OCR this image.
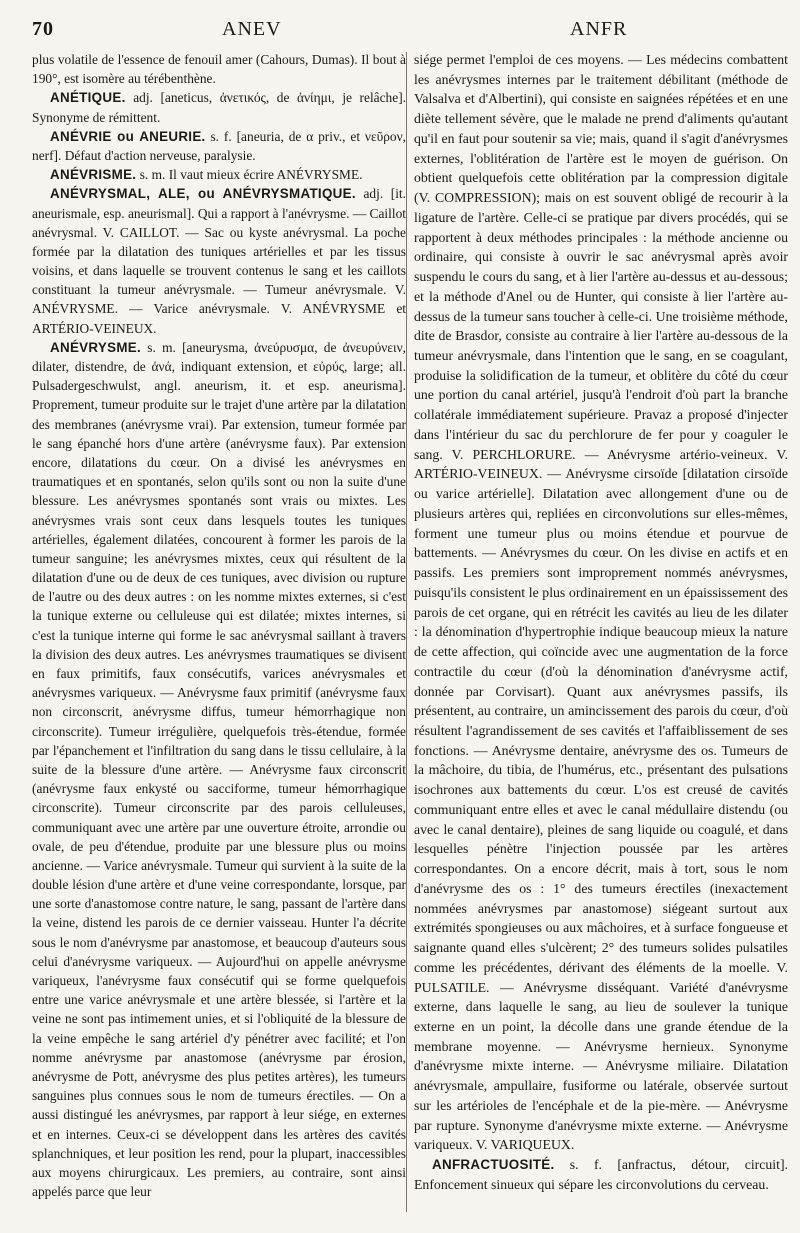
70	ANEV	ANFR

plus volatile de l'essence de fenouil amer (Cahours, Dumas). Il bout à 190°, est isomère au térébenthène.

ANÉTIQUE. adj. [aneticus, ἀνετικός, de ἀνίημι, je relâche]. Synonyme de rémittent.

ANÉVRIE ou ANEURIE. s. f. [aneuria, de α priv., et νεῦρον, nerf]. Défaut d'action nerveuse, paralysie.

ANÉVRISME. s. m. Il vaut mieux écrire ANÉVRYSME.

ANÉVRYSMAL, ALE, ou ANÉVRYSMATIQUE. adj. [it. aneurismale, esp. aneurismal]. Qui a rapport à l'anévrysme. — Caillot anévrysmal. V. CAILLOT. — Sac ou kyste anévrysmal. La poche formée par la dilatation des tuniques artérielles et par les tissus voisins, et dans laquelle se trouvent contenus le sang et les caillots constituant la tumeur anévrysmale. — Tumeur anévrysmale. V. ANÉVRYSME. — Varice anévrysmale. V. ANÉVRYSME et ARTÉRIO-VEINEUX.

ANÉVRYSME. s. m. [aneurysma, ἀνεύρυσμα, de ἀνευρύνειν, dilater, distendre, de ἀνά, indiquant extension, et εὐρύς, large; all. Pulsadergeschwulst, angl. aneurism, it. et esp. aneurisma]. Proprement, tumeur produite sur le trajet d'une artère par la dilatation des membranes (anévrysme vrai). Par extension, tumeur formée par le sang épanché hors d'une artère (anévrysme faux). Par extension encore, dilatations du cœur. On a divisé les anévrysmes en traumatiques et en spontanés, selon qu'ils sont ou non la suite d'une blessure. Les anévrysmes spontanés sont vrais ou mixtes. Les anévrysmes vrais sont ceux dans lesquels toutes les tuniques artérielles, également dilatées, concourent à former les parois de la tumeur sanguine; les anévrysmes mixtes, ceux qui résultent de la dilatation d'une ou de deux de ces tuniques, avec division ou rupture de l'autre ou des deux autres : on les nomme mixtes externes, si c'est la tunique externe ou celluleuse qui est dilatée; mixtes internes, si c'est la tunique interne qui forme le sac anévrysmal saillant à travers la division des deux autres. Les anévrysmes traumatiques se divisent en faux primitifs, faux consécutifs, varices anévrysmales et anévrysmes variqueux. — Anévrysme faux primitif (anévrysme faux non circonscrit, anévrysme diffus, tumeur hémorrhagique non circonscrite). Tumeur irrégulière, quelquefois très-étendue, formée par l'épanchement et l'infiltration du sang dans le tissu cellulaire, à la suite de la blessure d'une artère. — Anévrysme faux circonscrit (anévrysme faux enkysté ou sacciforme, tumeur hémorrhagique circonscrite). Tumeur circonscrite par des parois celluleuses, communiquant avec une artère par une ouverture étroite, arrondie ou ovale, de peu d'étendue, produite par une blessure plus ou moins ancienne. — Varice anévrysmale. Tumeur qui survient à la suite de la double lésion d'une artère et d'une veine correspondante, lorsque, par une sorte d'anastomose contre nature, le sang, passant de l'artère dans la veine, distend les parois de ce dernier vaisseau. Hunter l'a décrite sous le nom d'anévrysme par anastomose, et beaucoup d'auteurs sous celui d'anévrysme variqueux. — Aujourd'hui on appelle anévrysme variqueux, l'anévrysme faux consécutif qui se forme quelquefois entre une varice anévrysmale et une artère blessée, si l'artère et la veine ne sont pas intimement unies, et si l'obliquité de la blessure de la veine empêche le sang artériel d'y pénétrer avec facilité; et l'on nomme anévrysme par anastomose (anévrysme par érosion, anévrysme de Pott, anévrysme des plus petites artères), les tumeurs sanguines plus connues sous le nom de tumeurs érectiles. — On a aussi distingué les anévrysmes, par rapport à leur siége, en externes et en internes. Ceux-ci se développent dans les artères des cavités splanchniques, et leur position les rend, pour la plupart, inaccessibles aux moyens chirurgicaux. Les premiers, au contraire, sont ainsi appelés parce que leur

siége permet l'emploi de ces moyens. — Les médecins combattent les anévrysmes internes par le traitement débilitant (méthode de Valsalva et d'Albertini), qui consiste en saignées répétées et en une diète tellement sévère, que le malade ne prend d'aliments qu'autant qu'il en faut pour soutenir sa vie; mais, quand il s'agit d'anévrysmes externes, l'oblitération de l'artère est le moyen de guérison. On obtient quelquefois cette oblitération par la compression digitale (V. COMPRESSION); mais on est souvent obligé de recourir à la ligature de l'artère. Celle-ci se pratique par divers procédés, qui se rapportent à deux méthodes principales : la méthode ancienne ou ordinaire, qui consiste à ouvrir le sac anévrysmal après avoir suspendu le cours du sang, et à lier l'artère au-dessus et au-dessous; et la méthode d'Anel ou de Hunter, qui consiste à lier l'artère au-dessus de la tumeur sans toucher à celle-ci. Une troisième méthode, dite de Brasdor, consiste au contraire à lier l'artère au-dessous de la tumeur anévrysmale, dans l'intention que le sang, en se coagulant, produise la solidification de la tumeur, et oblitère du côté du cœur une portion du canal artériel, jusqu'à l'endroit d'où part la branche collatérale immédiatement supérieure. Pravaz a proposé d'injecter dans l'intérieur du sac du perchlorure de fer pour y coaguler le sang. V. PERCHLORURE. — Anévrysme artério-veineux. V. ARTÉRIO-VEINEUX. — Anévrysme cirsoïde [dilatation cirsoïde ou varice artérielle]. Dilatation avec allongement d'une ou de plusieurs artères qui, repliées en circonvolutions sur elles-mêmes, forment une tumeur plus ou moins étendue et pourvue de battements. — Anévrysmes du cœur. On les divise en actifs et en passifs. Les premiers sont improprement nommés anévrysmes, puisqu'ils consistent le plus ordinairement en un épaississement des parois de cet organe, qui en rétrécit les cavités au lieu de les dilater : la dénomination d'hypertrophie indique beaucoup mieux la nature de cette affection, qui coïncide avec une augmentation de la force contractile du cœur (d'où la dénomination d'anévrysme actif, donnée par Corvisart). Quant aux anévrysmes passifs, ils présentent, au contraire, un amincissement des parois du cœur, d'où résultent l'agrandissement de ses cavités et l'affaiblissement de ses fonctions. — Anévrysme dentaire, anévrysme des os. Tumeurs de la mâchoire, du tibia, de l'humérus, etc., présentant des pulsations isochrones aux battements du cœur. L'os est creusé de cavités communiquant entre elles et avec le canal médullaire distendu (ou avec le canal dentaire), pleines de sang liquide ou coagulé, et dans lesquelles pénètre l'injection poussée par les artères correspondantes. On a encore décrit, mais à tort, sous le nom d'anévrysme des os : 1° des tumeurs érectiles (inexactement nommées anévrysmes par anastomose) siégeant surtout aux extrémités spongieuses ou aux mâchoires, et à surface fongueuse et saignante quand elles s'ulcèrent; 2° des tumeurs solides pulsatiles comme les précédentes, dérivant des éléments de la moelle. V. PULSATILE. — Anévrysme disséquant. Variété d'anévrysme externe, dans laquelle le sang, au lieu de soulever la tunique externe en un point, la décolle dans une grande étendue de la membrane moyenne. — Anévrysme hernieux. Synonyme d'anévrysme mixte interne. — Anévrysme miliaire. Dilatation anévrysmale, ampullaire, fusiforme ou latérale, observée surtout sur les artérioles de l'encéphale et de la pie-mère. — Anévrysme par rupture. Synonyme d'anévrysme mixte externe. — Anévrysme variqueux. V. VARIQUEUX.

ANFRACTUOSITÉ. s. f. [anfractus, détour, circuit]. Enfoncement sinueux qui sépare les circonvolutions du cerveau.
